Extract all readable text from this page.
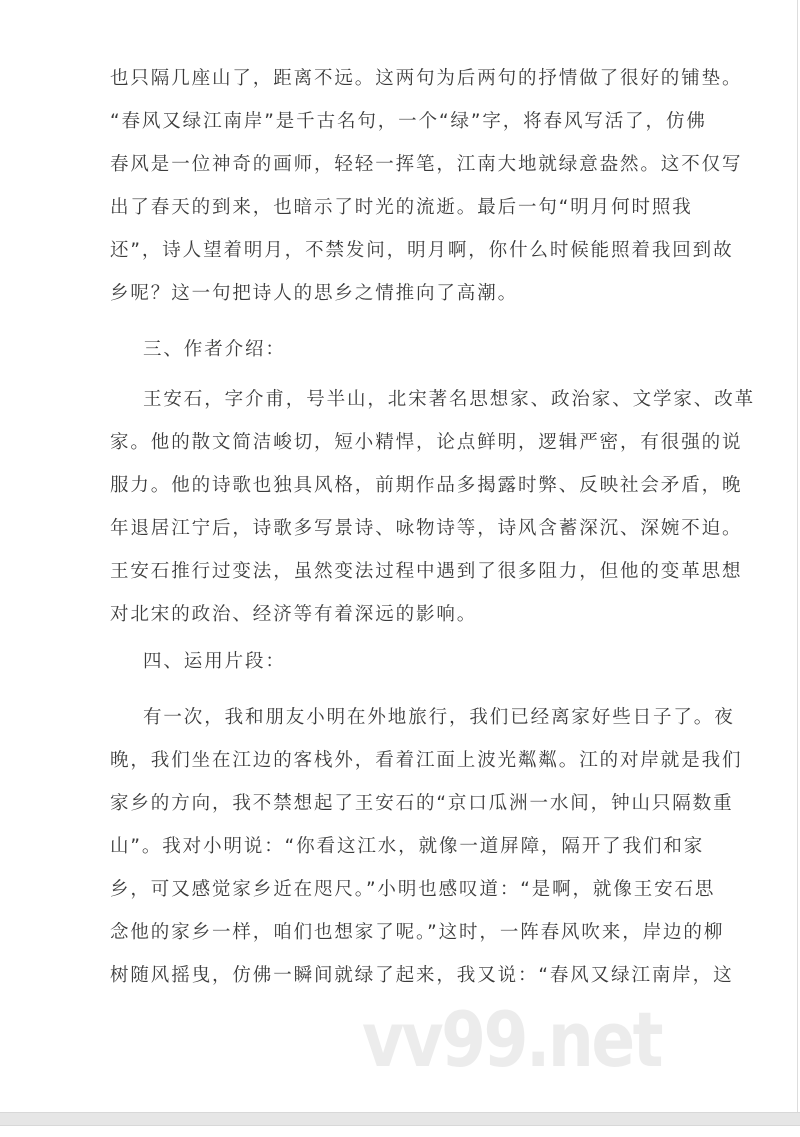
也只隔几座山了，距离不远。这两句为后两句的抒情做了很好的铺垫。
“春风又绿江南岸”是千古名句，一个“绿”字，将春风写活了，仿佛
春风是一位神奇的画师，轻轻一挥笔，江南大地就绿意盎然。这不仅写
出了春天的到来，也暗示了时光的流逝。最后一句“明月何时照我
还”，诗人望着明月，不禁发问，明月啊，你什么时候能照着我回到故
乡呢？这一句把诗人的思乡之情推向了高潮。
三、作者介绍：
王安石，字介甫，号半山，北宋著名思想家、政治家、文学家、改革
家。他的散文简洁峻切，短小精悍，论点鲜明，逻辑严密，有很强的说
服力。他的诗歌也独具风格，前期作品多揭露时弊、反映社会矛盾，晚
年退居江宁后，诗歌多写景诗、咏物诗等，诗风含蓄深沉、深婉不迫。
王安石推行过变法，虽然变法过程中遇到了很多阻力，但他的变革思想
对北宋的政治、经济等有着深远的影响。
四、运用片段：
有一次，我和朋友小明在外地旅行，我们已经离家好些日子了。夜
晚，我们坐在江边的客栈外，看着江面上波光粼粼。江的对岸就是我们
家乡的方向，我不禁想起了王安石的“京口瓜洲一水间，钟山只隔数重
山”。我对小明说：“你看这江水，就像一道屏障，隔开了我们和家
乡，可又感觉家乡近在咫尺。”小明也感叹道：“是啊，就像王安石思
念他的家乡一样，咱们也想家了呢。”这时，一阵春风吹来，岸边的柳
树随风摇曳，仿佛一瞬间就绿了起来，我又说：“春风又绿江南岸，这
vv99.net
